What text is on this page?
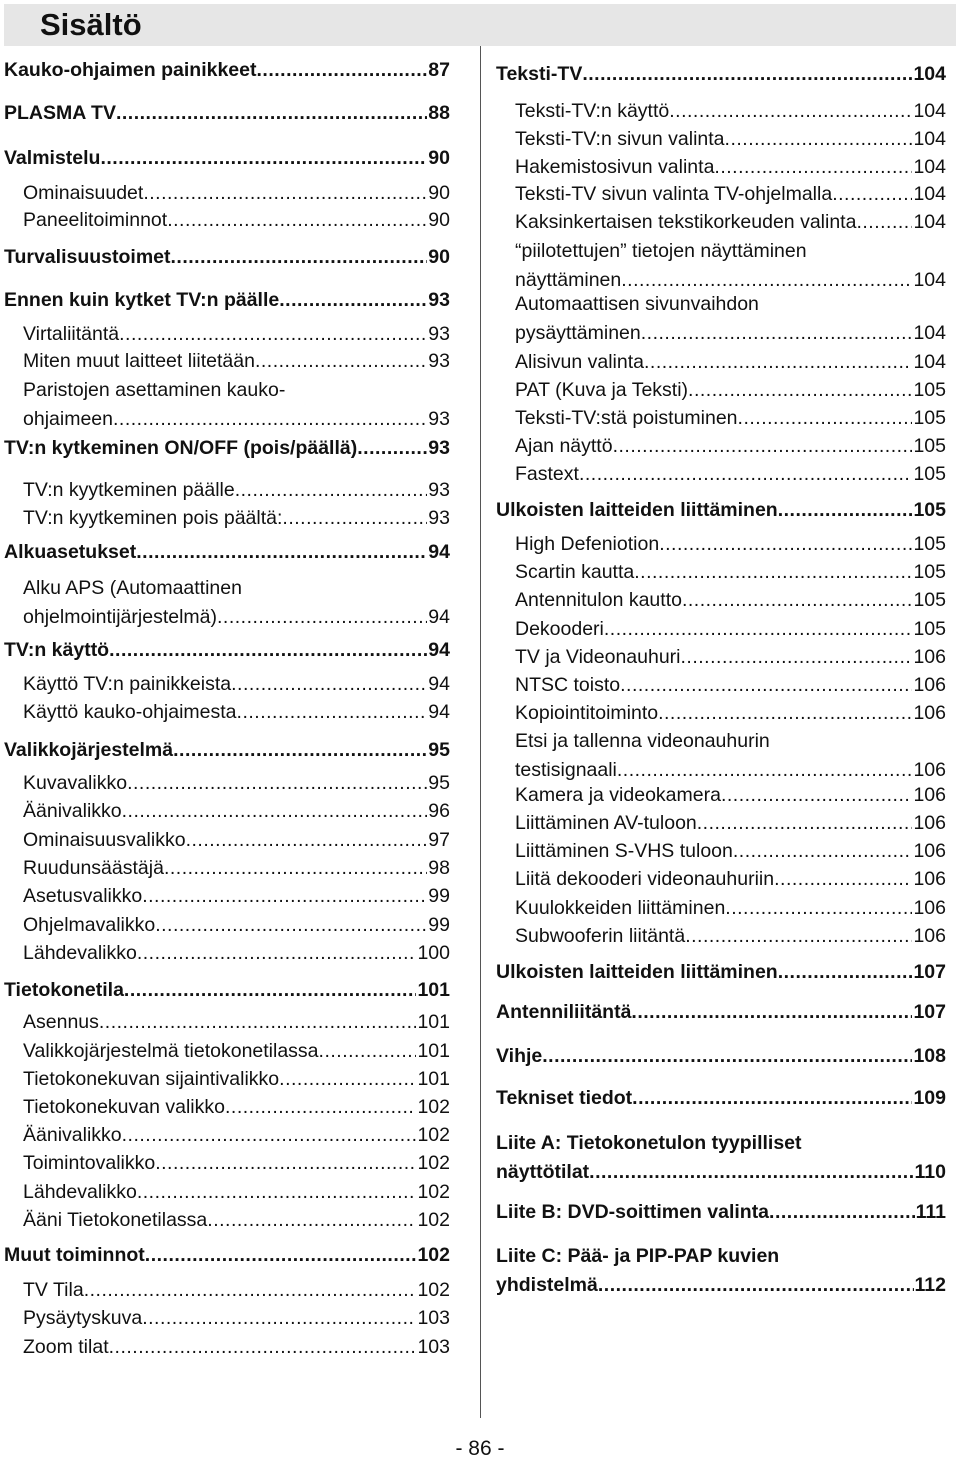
Sisältö
Kauko-ohjaimen painikkeet .....	87
PLASMA TV .....	88
Valmistelu .....	90
Ominaisuudet .....	90
Paneelitoiminnot .....	90
Turvalisuustoimet .....	90
Ennen kuin kytket TV:n päälle .....	93
Virtaliitäntä .....	93
Miten muut laitteet liitetään .....	93
Paristojen asettaminen kauko-
ohjaimeen .....	93
TV:n kytkeminen ON/OFF (pois/päällä) .....	93
TV:n kyytkeminen päälle .....	93
TV:n kyytkeminen pois päältä: .....	93
Alkuasetukset .....	94
Alku APS (Automaattinen
ohjelmointijärjestelmä) .....	94
TV:n käyttö .....	94
Käyttö TV:n painikkeista .....	94
Käyttö kauko-ohjaimesta .....	94
Valikkojärjestelmä .....	95
Kuvavalikko .....	95
Äänivalikko .....	96
Ominaisuusvalikko .....	97
Ruudunsäästäjä .....	98
Asetusvalikko .....	99
Ohjelmavalikko .....	99
Lähdevalikko .....	100
Tietokonetila .....	101
Asennus .....	101
Valikkojärjestelmä tietokonetilassa .....	101
Tietokonekuvan sijaintivalikko .....	101
Tietokonekuvan valikko .....	102
Äänivalikko .....	102
Toimintovalikko .....	102
Lähdevalikko .....	102
Ääni Tietokonetilassa .....	102
Muut toiminnot .....	102
TV Tila .....	102
Pysäytyskuva .....	103
Zoom tilat .....	103
Teksti-TV .....	104
Teksti-TV:n käyttö .....	104
Teksti-TV:n sivun valinta .....	104
Hakemistosivun valinta .....	104
Teksti-TV sivun valinta TV-ohjelmalla .....	104
Kaksinkertaisen tekstikorkeuden valinta .....	104
“piilotettujen” tietojen näyttäminen
näyttäminen .....	104
Automaattisen sivunvaihdon
pysäyttäminen .....	104
Alisivun valinta .....	104
PAT (Kuva ja Teksti) .....	105
Teksti-TV:stä poistuminen .....	105
Ajan näyttö .....	105
Fastext .....	105
Ulkoisten laitteiden liittäminen .....	105
High Defeniotion .....	105
Scartin kautta .....	105
Antennitulon kautto .....	105
Dekooderi .....	105
TV ja Videonauhuri .....	106
NTSC toisto .....	106
Kopiointitoiminto .....	106
Etsi ja tallenna videonauhurin
testisignaali .....	106
Kamera ja videokamera .....	106
Liittäminen AV-tuloon .....	106
Liittäminen S-VHS tuloon .....	106
Liitä dekooderi videonauhuriin .....	106
Kuulokkeiden liittäminen .....	106
Subwooferin liitäntä .....	106
Ulkoisten laitteiden liittäminen .....	107
Antenniliitäntä .....	107
Vihje .....	108
Tekniset tiedot .....	109
Liite A: Tietokonetulon tyypilliset
näyttötilat .....	110
Liite B: DVD-soittimen valinta .....	111
Liite C: Pää- ja PIP-PAP kuvien
yhdistelmä .....	112
- 86 -
